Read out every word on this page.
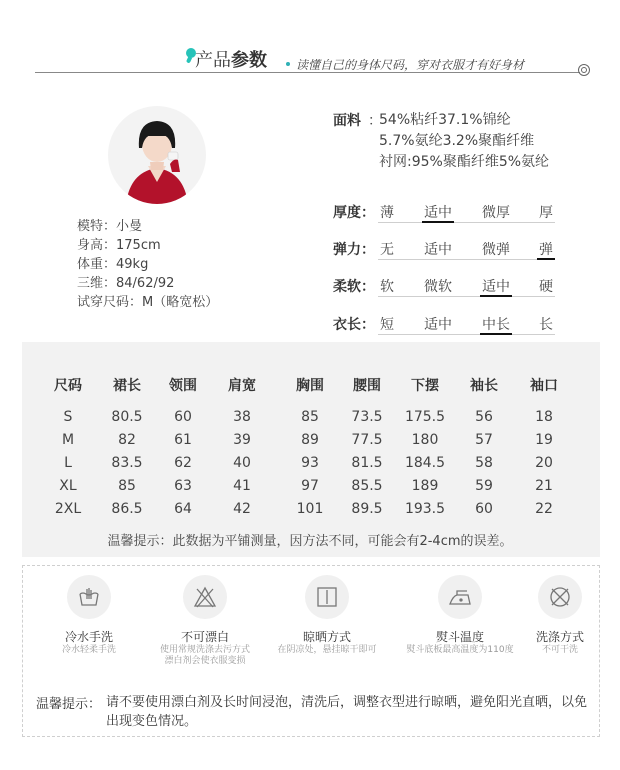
产品参数 读懂自己的身体尺码，穿对衣服才有好身材
模特：小曼
身高：175cm
体重：49kg
三维：84/62/92
试穿尺码：M（略宽松）
面料 ：
54%粘纤37.1%锦纶
5.7%氨纶3.2%聚酯纤维
衬网:95%聚酯纤维5%氨纶
厚度： 薄 适中 微厚 厚
弹力： 无 适中 微弹 弹
柔软： 软 微软 适中 硬
衣长： 短 适中 中长 长
尺码 裙长 领围 肩宽	胸围 腰围 下摆 袖长 袖口
S	80.5 60	38	85 73.5 175.5 56	18
M	82	61	39	89 77.5 180	57	19
L	83.5 62	40	93 81.5 184.5 58	20
XL	85	63	41	97 85.5 189	59	21
2XL 86.5 64	42	101 89.5 193.5 60	22
温馨提示：此数据为平铺测量，因方法不同，可能会有2-4cm的误差。
冷水手洗
冷水轻柔手洗
不可漂白
使用常规洗涤去污方式
漂白剂会使衣服变损
晾晒方式
在阴凉处，悬挂晾干即可
熨斗温度
熨斗底板最高温度为110度
洗涤方式
不可干洗
温馨提示： 请不要使用漂白剂及长时间浸泡，清洗后，调整衣型进行晾晒，避免阳光直晒，以免出现变色情况。
